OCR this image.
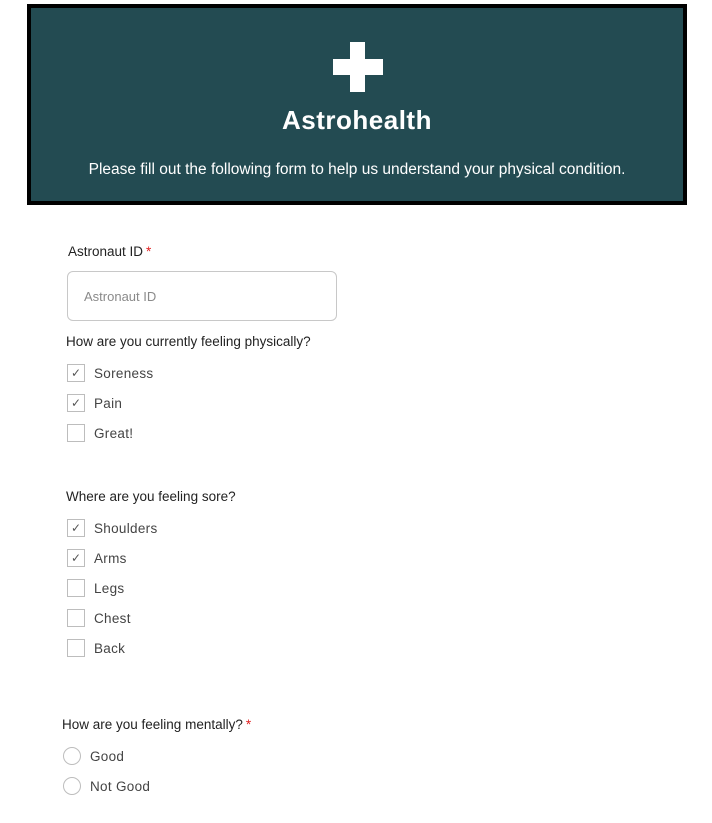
Astrohealth
Please fill out the following form to help us understand your physical condition.
Astronaut ID *
Astronaut ID
How are you currently feeling physically?
✓ Soreness
✓ Pain
Great!
Where are you feeling sore?
✓ Shoulders
✓ Arms
Legs
Chest
Back
How are you feeling mentally? *
Good
Not Good
